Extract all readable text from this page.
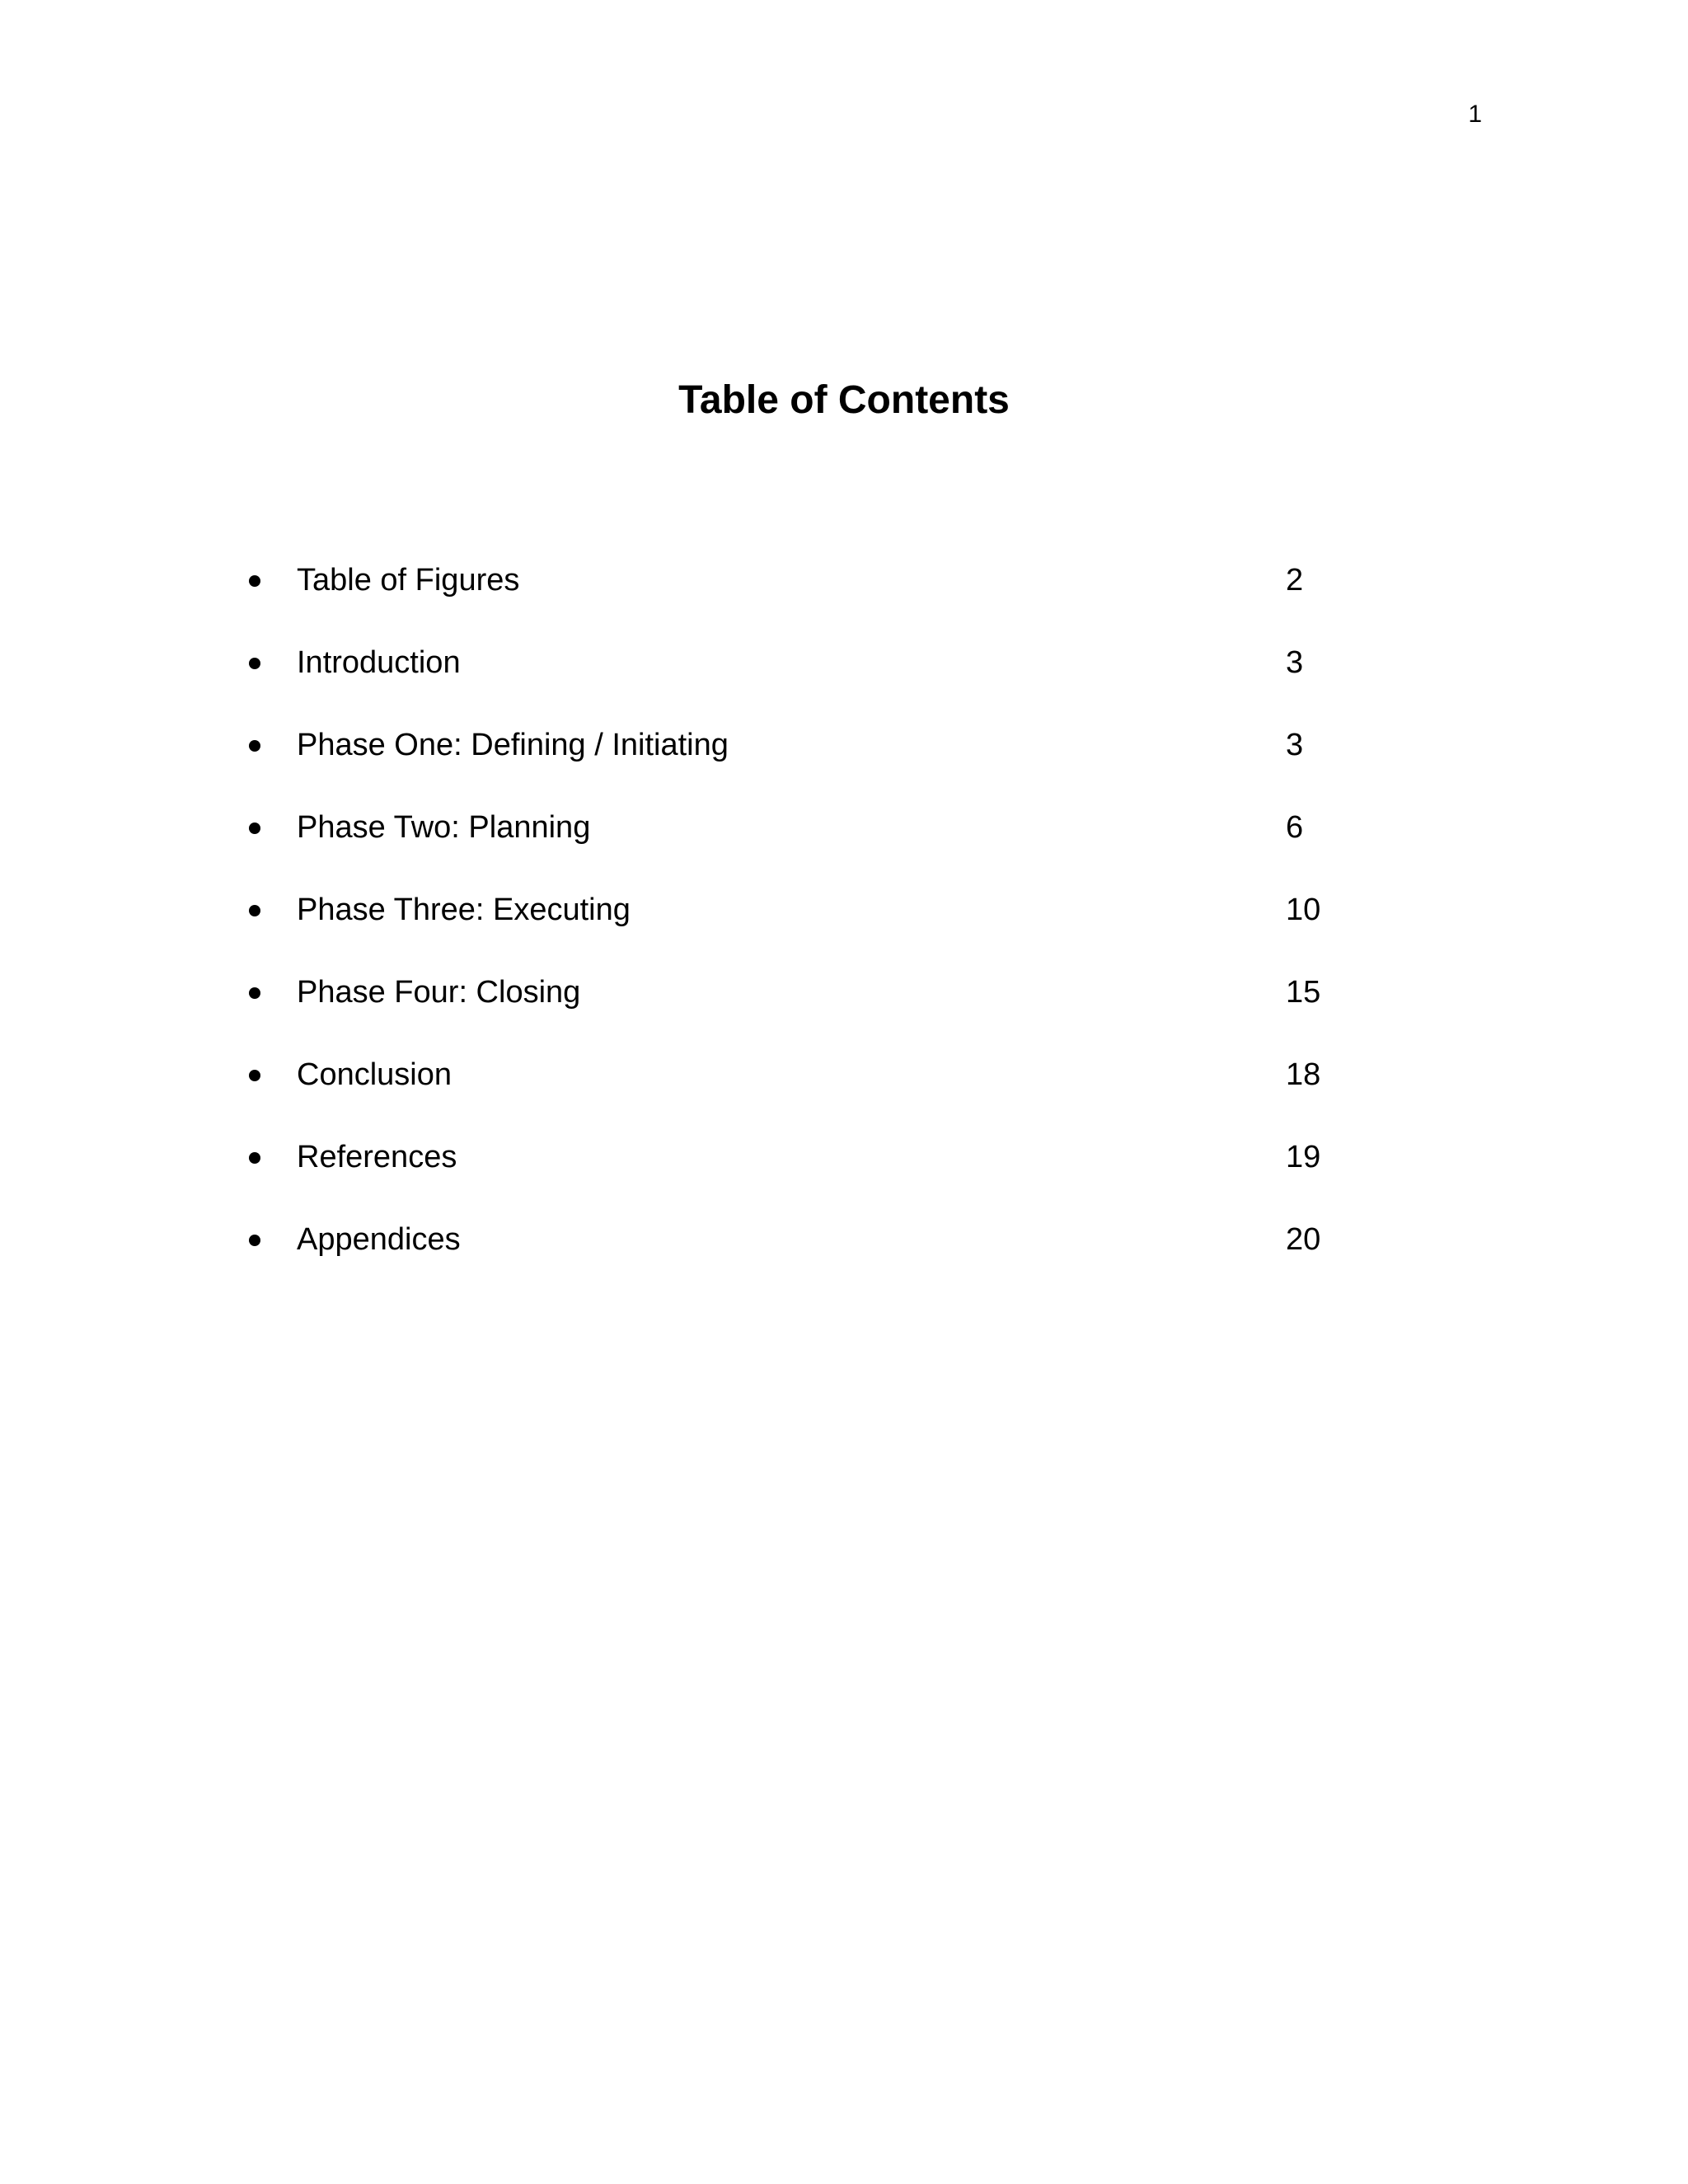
1
Table of Contents
Table of Figures	2
Introduction	3
Phase One: Defining / Initiating	3
Phase Two: Planning	6
Phase Three: Executing	10
Phase Four: Closing	15
Conclusion	18
References	19
Appendices	20
